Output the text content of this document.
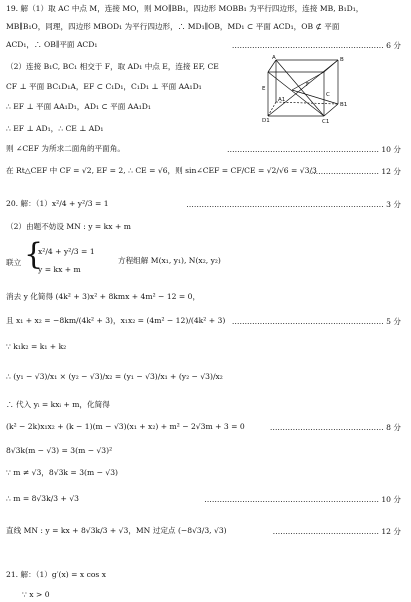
19. 解（1）取 AC 中点 M，连接 MO，则 MO∥BB₁，四边形 MOBB₁ 为平行四边形，连接 MB, B₁D₁，
MB∥B₁O，同理，四边形 MBOD₁ 为平行四边形，∴ MD₁∥OB，MD₁ ⊂ 平面 ACD₁，OB ⊄ 平面
ACD₁，∴ OB∥平面 ACD₁	…………………………………………………… 6 分
（2）连接 B₁C, BC₁ 相交于 F，取 AD₁ 中点 E，连接 EF, CE
CF ⊥ 平面 BC₁D₁A，EF ⊂ C₁D₁，C₁D₁ ⊥ 平面 AA₁D₁
∴ EF ⊥ 平面 AA₁D₁，AD₁ ⊂ 平面 AA₁D₁
∴ EF ⊥ AD₁，∴ CE ⊥ AD₁
则 ∠CEF 为所求二面角的平面角。	…………………………………………………… 10 分
在 Rt△CEF 中 CF = √2, EF = 2, ∴ CE = √6，则 sin∠CEF = CF/CE = √2/√6 = √3/3
……………………… 12 分
A	B
E
F
A1
B1
C
D1	C1
20. 解：（1）x²/4 + y²/3 = 1	…………………………………………………………………… 3 分
（2）由题不妨设 MN : y = kx + m
联立 {
x²/4 + y²/3 = 1
y = kx + m
方程组解 M(x₁, y₁), N(x₂, y₂)
消去 y 化简得 (4k² + 3)x² + 8kmx + 4m² − 12 = 0，
且 x₁ + x₂ = −8km/(4k² + 3)，x₁x₂ = (4m² − 12)/(4k² + 3) …………………………………………………… 5 分
∵ k₁k₂ = k₁ + k₂
∴ (y₁ − √3)/x₁ × (y₂ − √3)/x₂ = (y₁ − √3)/x₁ + (y₂ − √3)/x₂
∴ 代入 yᵢ = kxᵢ + m，化简得
(k² − 2k)x₁x₂ + (k − 1)(m − √3)(x₁ + x₂) + m² − 2√3m + 3 = 0	……………………………………… 8 分
8√3k(m − √3) = 3(m − √3)²
∵ m ≠ √3，8√3k = 3(m − √3)
∴ m = 8√3k/3 + √3	…………………………………………………………… 10 分
直线 MN : y = kx + 8√3k/3 + √3，MN 过定点 (−8√3/3, √3)	…………………………………… 12 分
21. 解：（1）g′(x) = x cos x
∵ x > 0
